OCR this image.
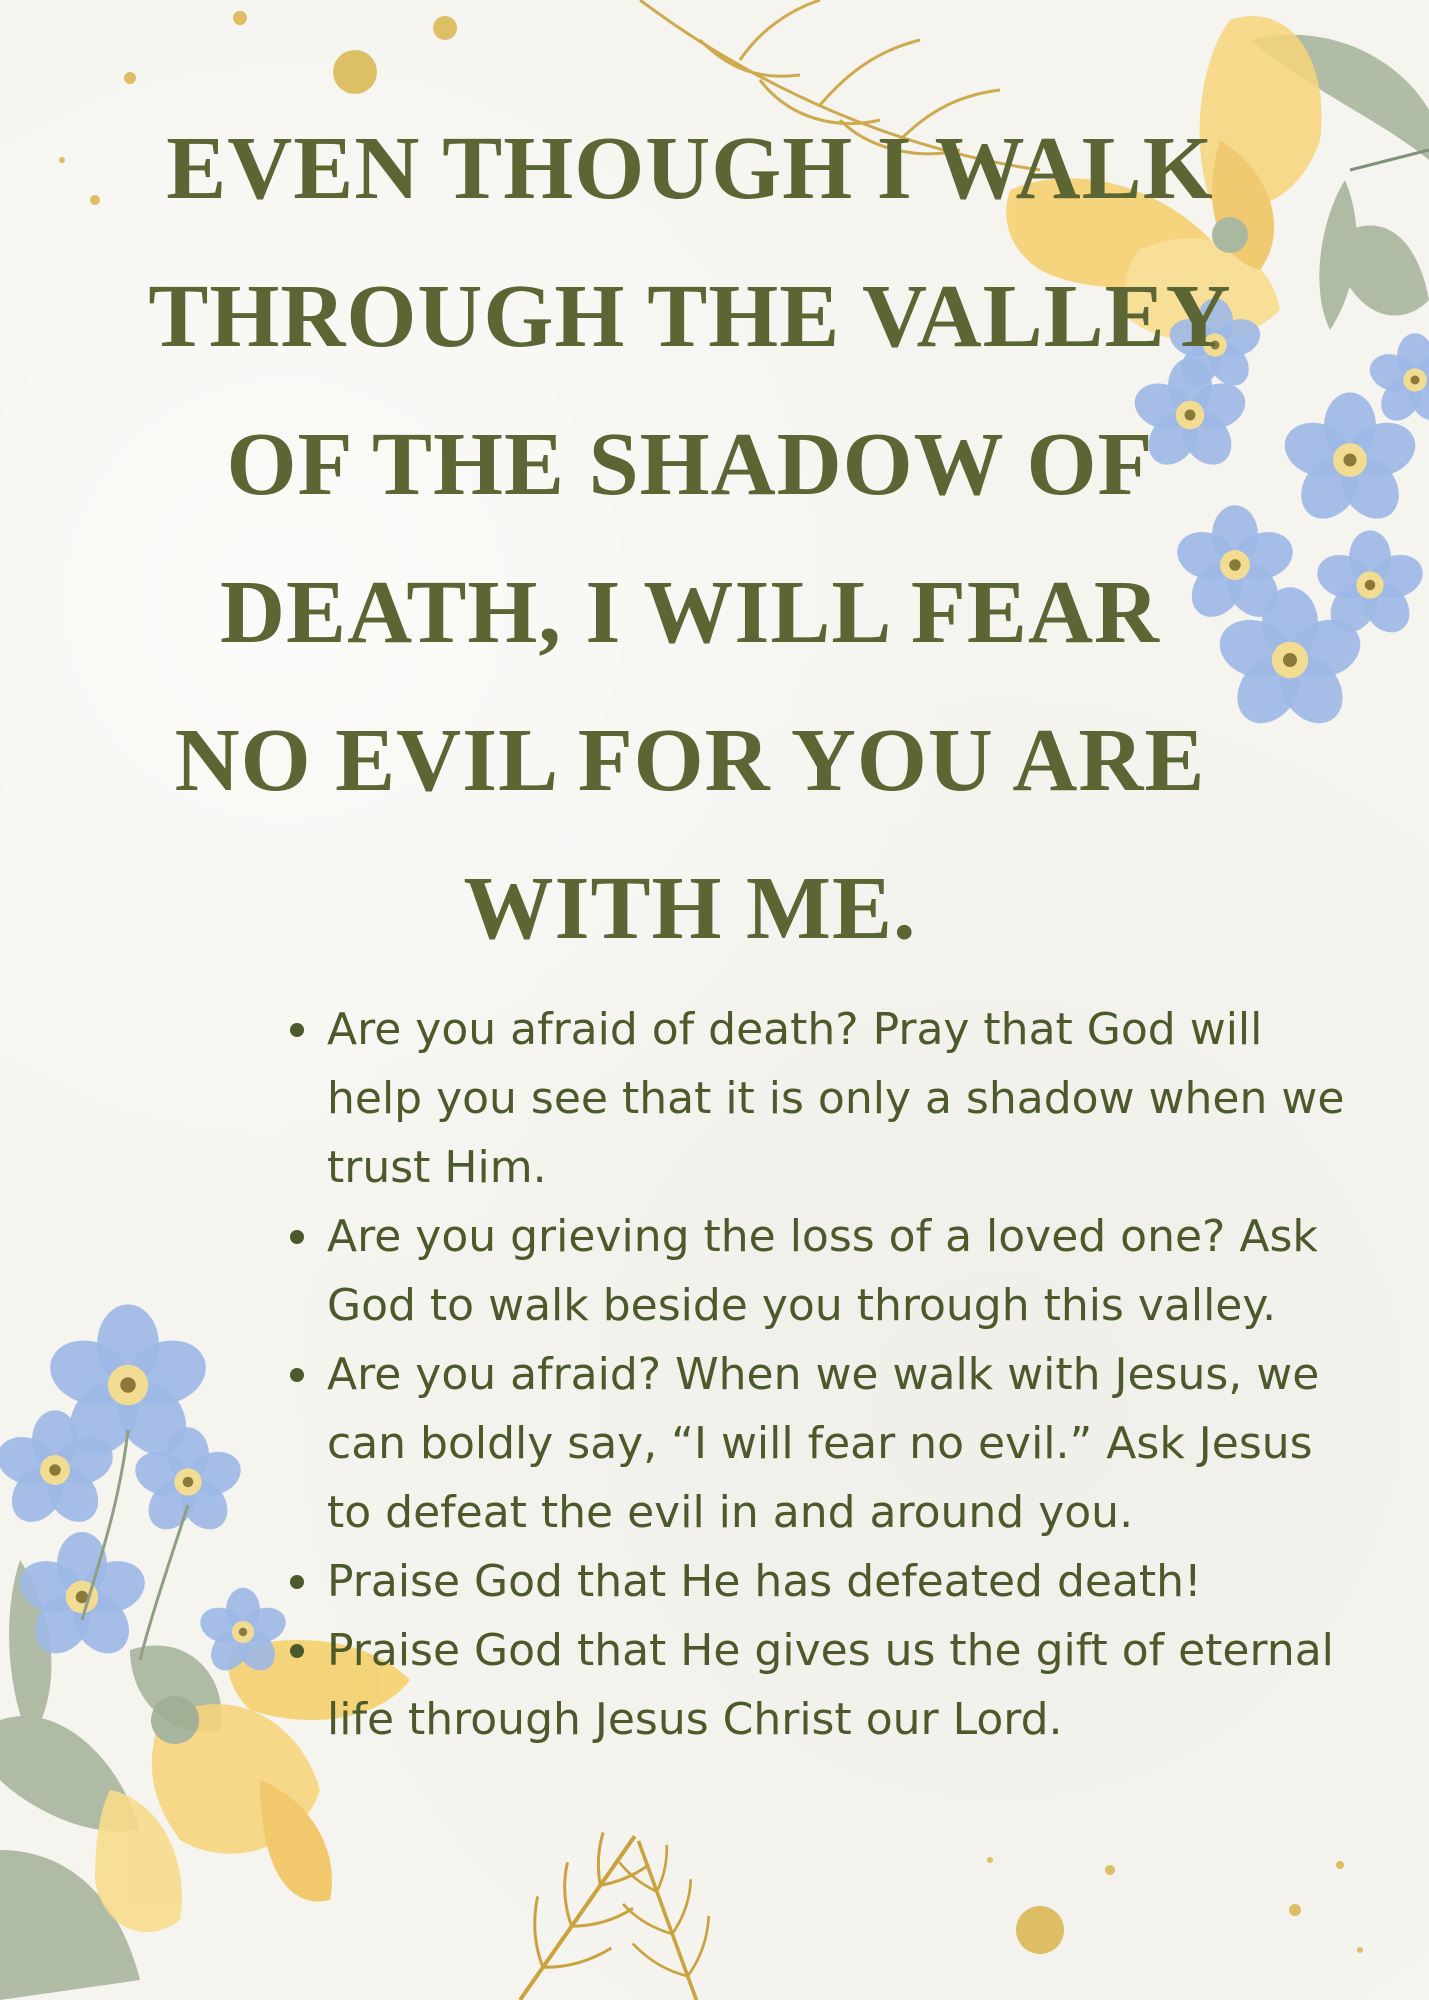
EVEN THOUGH I WALK
THROUGH THE VALLEY
OF THE SHADOW OF
DEATH, I WILL FEAR
NO EVIL FOR YOU ARE
WITH ME.
Are you afraid of death? Pray that God will
help you see that it is only a shadow when we
trust Him.
Are you grieving the loss of a loved one? Ask
God to walk beside you through this valley.
Are you afraid? When we walk with Jesus, we
can boldly say, “I will fear no evil.” Ask Jesus
to defeat the evil in and around you.
Praise God that He has defeated death!
Praise God that He gives us the gift of eternal
life through Jesus Christ our Lord.
